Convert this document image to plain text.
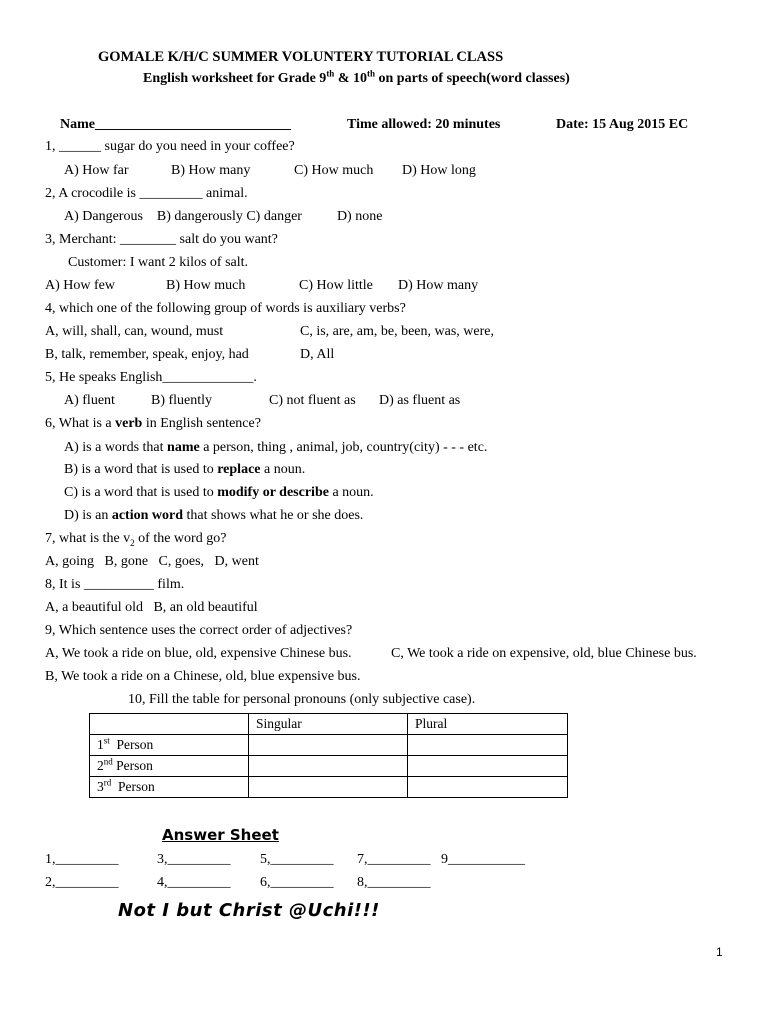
GOMALE K/H/C SUMMER VOLUNTERY TUTORIAL CLASS
English worksheet for Grade 9th & 10th on parts of speech(word classes)
Name____________________________	Time allowed: 20 minutes	Date: 15 Aug 2015 EC
1, ______ sugar do you need in your coffee?
A) How far	B) How many	C) How much D) How long
2, A crocodile is _________ animal.
A) Dangerous    B) dangerously C) danger          D) none
3, Merchant: ________ salt do you want?
Customer: I want 2 kilos of salt.
A) How few	B) How much	C) How little D) How many
4, which one of the following group of words is auxiliary verbs?
A, will, shall, can, wound, must	C, is, are, am, be, been, was, were,
B, talk, remember, speak, enjoy, had	D, All
5, He speaks English_____________.
A) fluent	B) fluently	C) not fluent as D) as fluent as
6, What is a verb in English sentence?
A) is a words that name a person, thing , animal, job, country(city) - - - etc.
B) is a word that is used to replace a noun.
C) is a word that is used to modify or describe a noun.
D) is an action word that shows what he or she does.
7, what is the $v_2$ of the word go?
A, going   B, gone   C, goes,   D, went
8, It is __________ film.
A, a beautiful old   B, an old beautiful
9, Which sentence uses the correct order of adjectives?
A, We took a ride on blue, old, expensive Chinese bus.	C, We took a ride on expensive, old, blue Chinese bus.
B, We took a ride on a Chinese, old, blue expensive bus.
10, Fill the table for personal pronouns (only subjective case).
	Singular	Plural
1st  Person		
2nd Person		
3rd  Person		
Answer Sheet
1,_________	3,_________ 5,_________ 7,_________ 9___________
2,_________	4,_________ 6,_________ 8,_________
Not I but Christ @Uchi!!!
1
